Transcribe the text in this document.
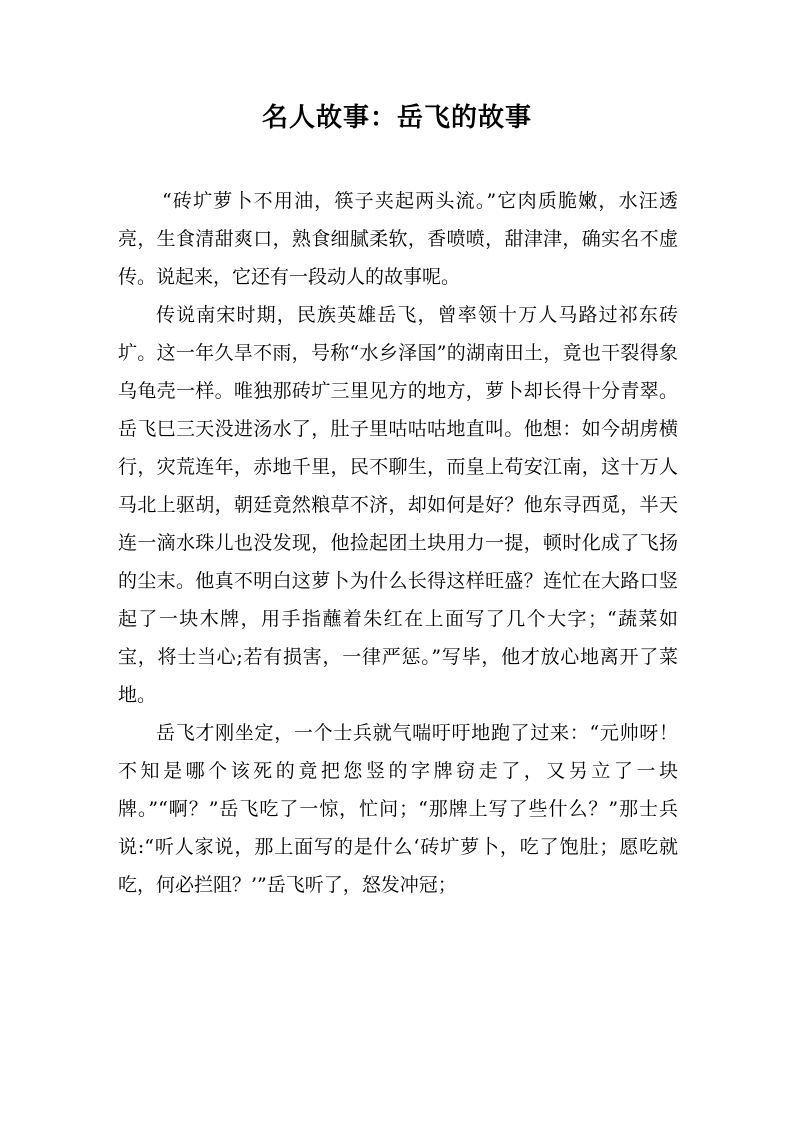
名人故事：岳飞的故事

“砖圹萝卜不用油，筷子夹起两头流。”它肉质脆嫩，水汪透亮，生食清甜爽口，熟食细腻柔软，香喷喷，甜津津，确实名不虚传。说起来，它还有一段动人的故事呢。

传说南宋时期，民族英雄岳飞，曾率领十万人马路过祁东砖圹。这一年久旱不雨，号称“水乡泽国”的湖南田土，竟也干裂得象乌龟壳一样。唯独那砖圹三里见方的地方，萝卜却长得十分青翠。岳飞巳三天没进汤水了，肚子里咕咕咕地直叫。他想：如今胡虏横行，灾荒连年，赤地千里，民不聊生，而皇上苟安江南，这十万人马北上驱胡，朝廷竟然粮草不济，却如何是好？他东寻西觅，半天连一滴水珠儿也没发现，他捡起团土块用力一提，顿时化成了飞扬的尘末。他真不明白这萝卜为什么长得这样旺盛？连忙在大路口竖起了一块木牌，用手指蘸着朱红在上面写了几个大字；“蔬菜如宝，将士当心;若有损害，一律严惩。”写毕，他才放心地离开了菜地。

岳飞才刚坐定，一个士兵就气喘吁吁地跑了过来：“元帅呀！不知是哪个该死的竟把您竖的字牌窃走了，又另立了一块牌。”“啊？”岳飞吃了一惊，忙问；“那牌上写了些什么？”那士兵说:“听人家说，那上面写的是什么‘砖圹萝卜，吃了饱肚；愿吃就吃，何必拦阻？’”岳飞听了，怒发冲冠；
